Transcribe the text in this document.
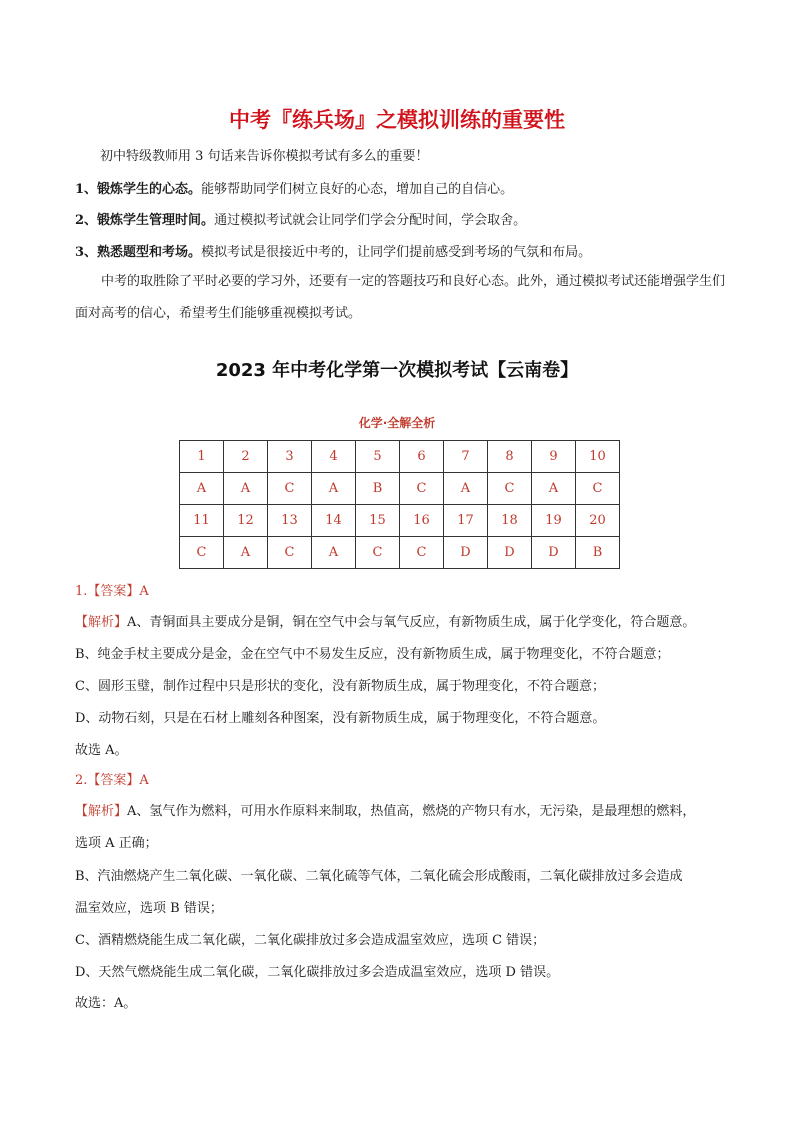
中考『练兵场』之模拟训练的重要性
初中特级教师用 3 句话来告诉你模拟考试有多么的重要！
1、锻炼学生的心态。能够帮助同学们树立良好的心态，增加自己的自信心。
2、锻炼学生管理时间。通过模拟考试就会让同学们学会分配时间，学会取舍。
3、熟悉题型和考场。模拟考试是很接近中考的，让同学们提前感受到考场的气氛和布局。
中考的取胜除了平时必要的学习外，还要有一定的答题技巧和良好心态。此外，通过模拟考试还能增强学生们面对高考的信心，希望考生们能够重视模拟考试。
2023 年中考化学第一次模拟考试【云南卷】
化学·全解全析
1	2	3	4	5	6	7	8	9	10
A	A	C	A	B	C	A	C	A	C
11	12	13	14	15	16	17	18	19	20
C	A	C	A	C	C	D	D	D	B
1.【答案】A
【解析】A、青铜面具主要成分是铜，铜在空气中会与氧气反应，有新物质生成，属于化学变化，符合题意。
B、纯金手杖主要成分是金，金在空气中不易发生反应，没有新物质生成，属于物理变化，不符合题意；
C、圆形玉璧，制作过程中只是形状的变化，没有新物质生成，属于物理变化，不符合题意；
D、动物石刻，只是在石材上雕刻各种图案，没有新物质生成，属于物理变化，不符合题意。
故选 A。
2.【答案】A
【解析】A、氢气作为燃料，可用水作原料来制取，热值高，燃烧的产物只有水，无污染，是最理想的燃料，
选项 A 正确；
B、汽油燃烧产生二氧化碳、一氧化碳、二氧化硫等气体，二氧化硫会形成酸雨，二氧化碳排放过多会造成
温室效应，选项 B 错误；
C、酒精燃烧能生成二氧化碳，二氧化碳排放过多会造成温室效应，选项 C 错误；
D、天然气燃烧能生成二氧化碳，二氧化碳排放过多会造成温室效应，选项 D 错误。
故选：A。
